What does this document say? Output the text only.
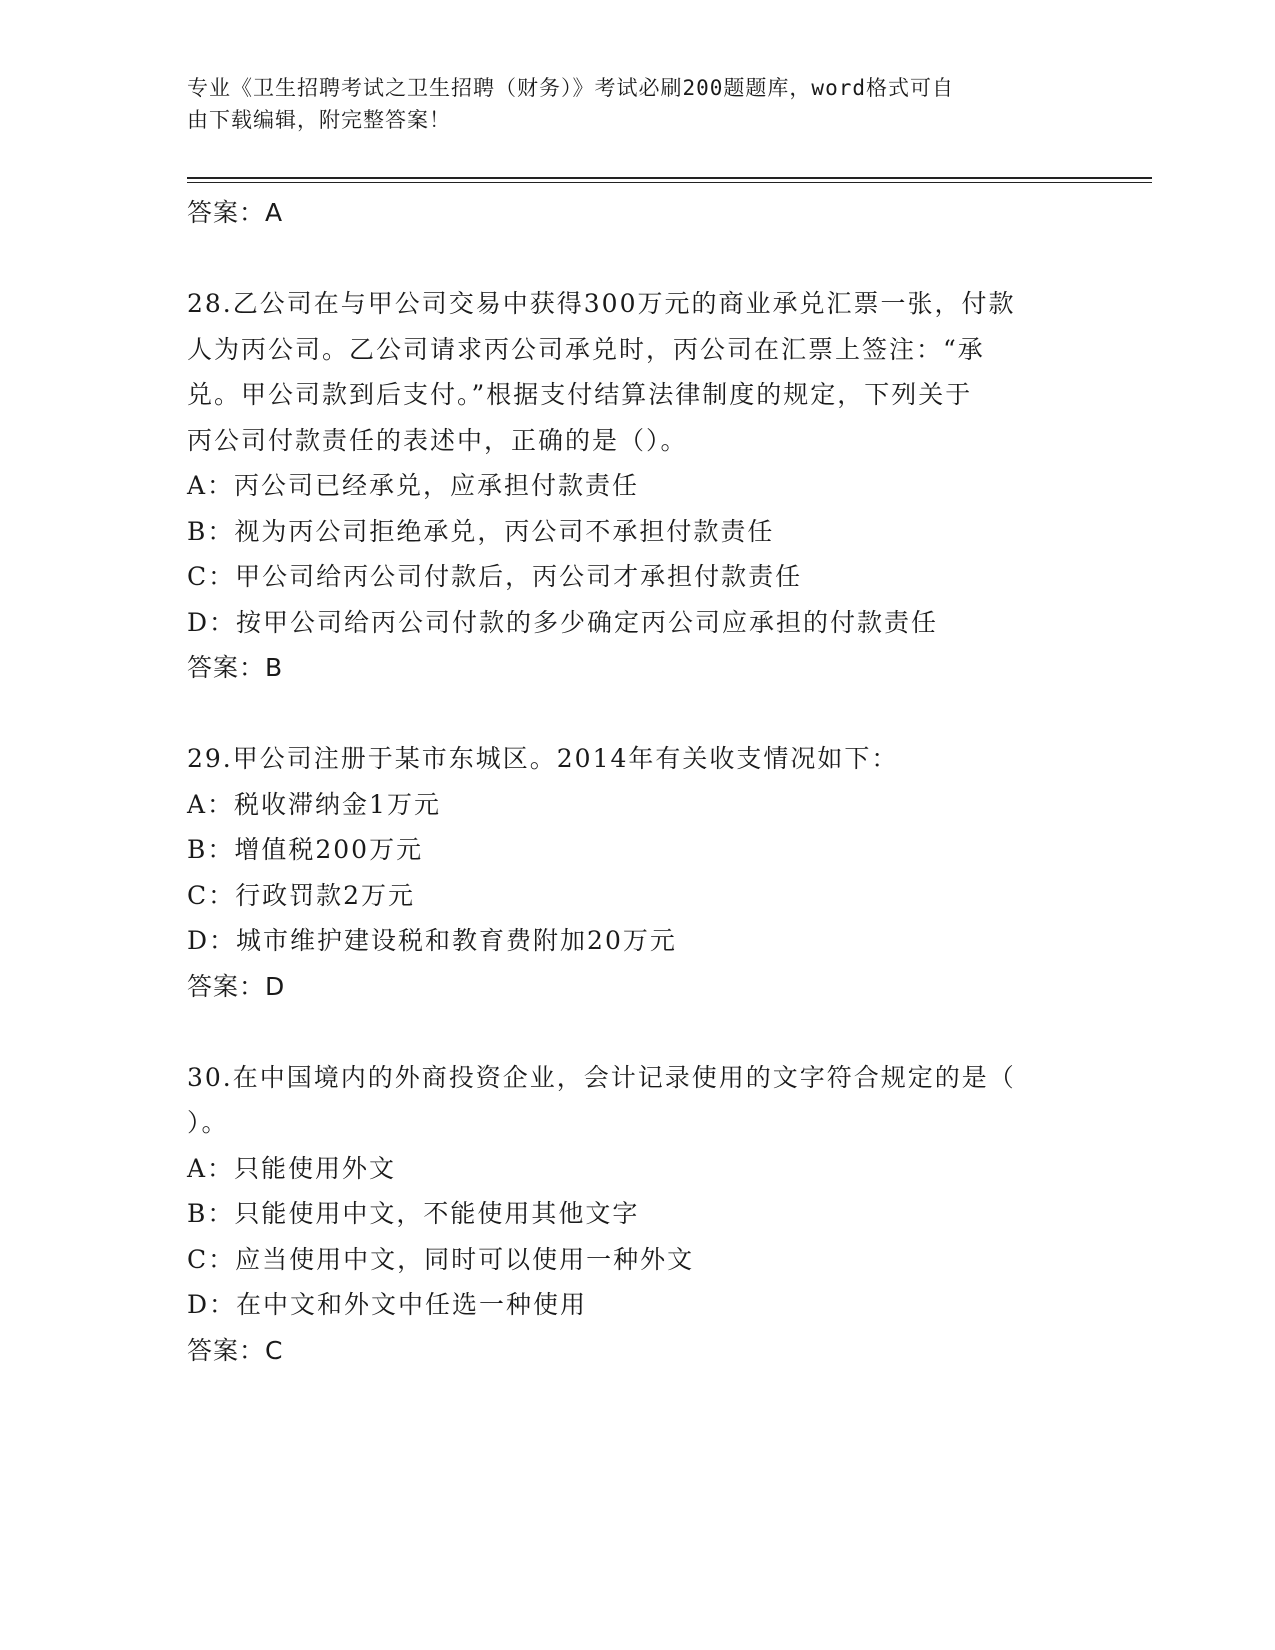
专业《卫生招聘考试之卫生招聘（财务）》考试必刷200题题库，word格式可自
由下载编辑，附完整答案！
答案：A

28.乙公司在与甲公司交易中获得300万元的商业承兑汇票一张，付款

人为丙公司。乙公司请求丙公司承兑时，丙公司在汇票上签注：“承

兑。甲公司款到后支付。”根据支付结算法律制度的规定，下列关于

丙公司付款责任的表述中，正确的是（）。

A：丙公司已经承兑，应承担付款责任

B：视为丙公司拒绝承兑，丙公司不承担付款责任

C：甲公司给丙公司付款后，丙公司才承担付款责任

D：按甲公司给丙公司付款的多少确定丙公司应承担的付款责任

答案：B

29.甲公司注册于某市东城区。2014年有关收支情况如下：

A：税收滞纳金1万元

B：增值税200万元

C：行政罚款2万元

D：城市维护建设税和教育费附加20万元

答案：D

30.在中国境内的外商投资企业，会计记录使用的文字符合规定的是（

）。

A：只能使用外文

B：只能使用中文，不能使用其他文字

C：应当使用中文，同时可以使用一种外文

D：在中文和外文中任选一种使用

答案：C
